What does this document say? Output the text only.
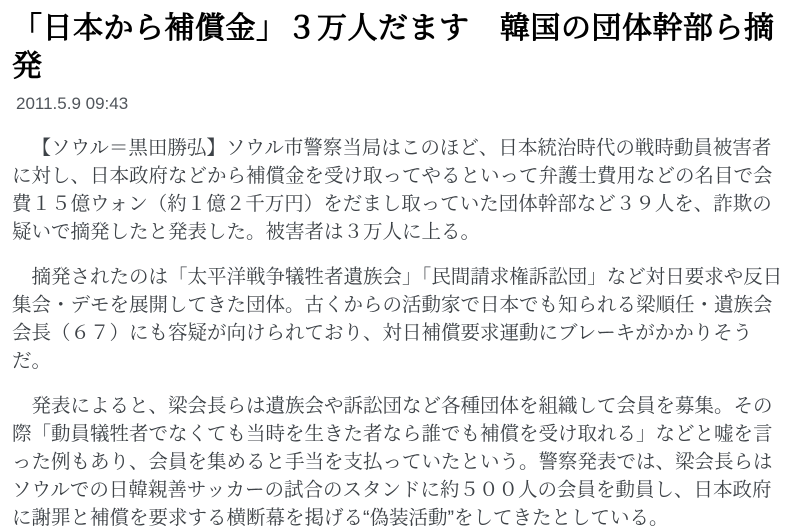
「日本から補償金」３万人だます　韓国の団体幹部ら摘発
2011.5.9 09:43

【ソウル＝黒田勝弘】ソウル市警察当局はこのほど、日本統治時代の戦時動員被害者に対し、日本政府などから補償金を受け取ってやるといって弁護士費用などの名目で会費１５億ウォン（約１億２千万円）をだまし取っていた団体幹部など３９人を、詐欺の疑いで摘発したと発表した。被害者は３万人に上る。

摘発されたのは「太平洋戦争犠牲者遺族会」「民間請求権訴訟団」など対日要求や反日集会・デモを展開してきた団体。古くからの活動家で日本でも知られる梁順任・遺族会会長（６７）にも容疑が向けられており、対日補償要求運動にブレーキがかかりそうだ。

発表によると、梁会長らは遺族会や訴訟団など各種団体を組織して会員を募集。その際「動員犠牲者でなくても当時を生きた者なら誰でも補償を受け取れる」などと嘘を言った例もあり、会員を集めると手当を支払っていたという。警察発表では、梁会長らはソウルでの日韓親善サッカーの試合のスタンドに約５００人の会員を動員し、日本政府に謝罪と補償を要求する横断幕を掲げる“偽装活動”をしてきたとしている。
